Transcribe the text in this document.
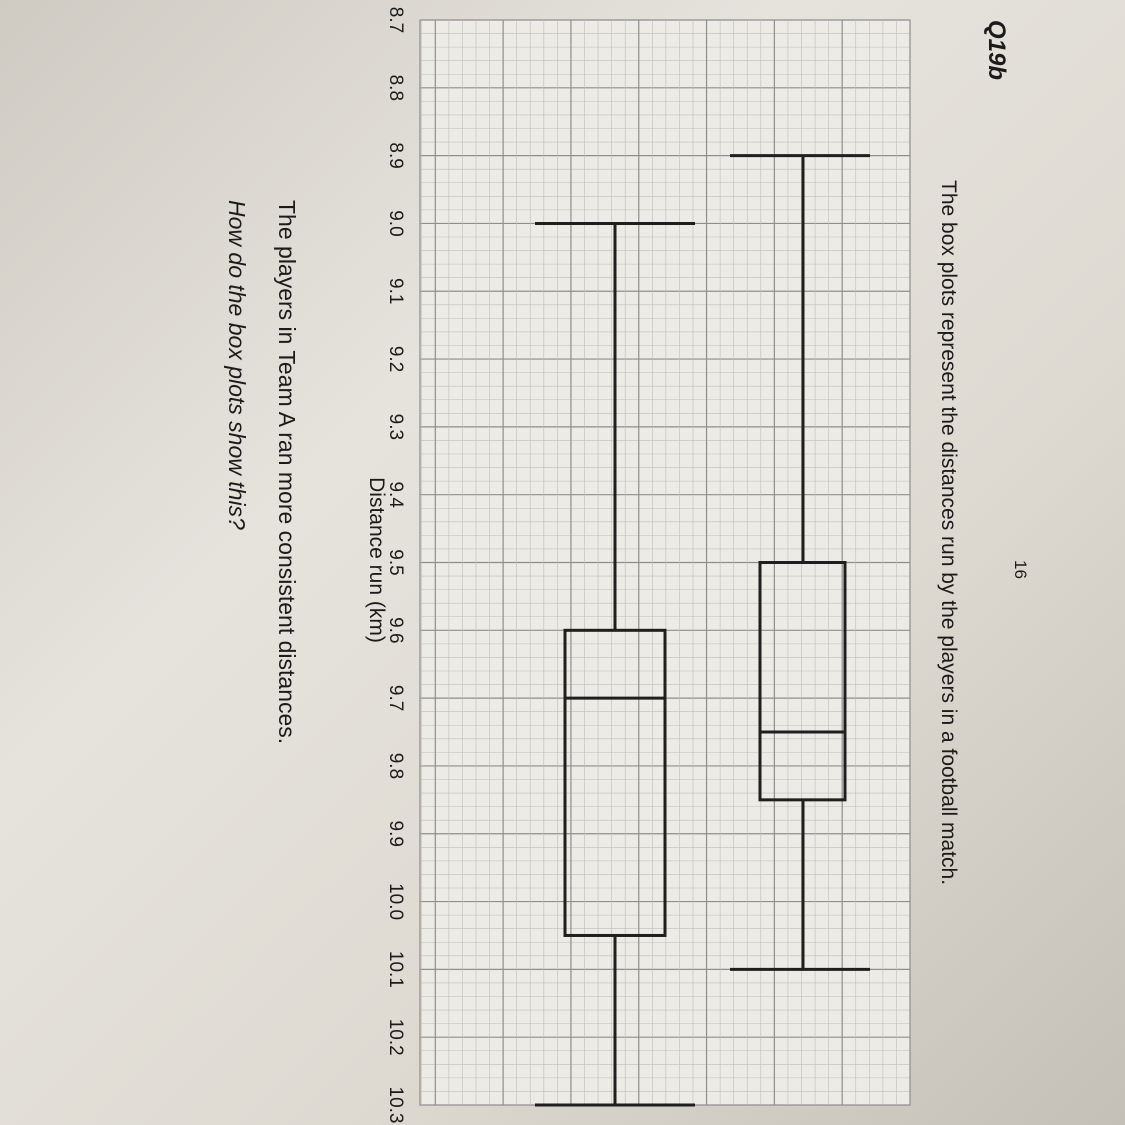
16
Q19b
The box plots represent the distances run by the players in a football match.
8.7
8.8
8.9
9.0
9.1
9.2
9.3
9.4
9.5
9.6
9.7
9.8
9.9
10.0
10.1
10.2
10.3
Distance run (km)
The players in Team A ran more consistent distances.
How do the box plots show this?
